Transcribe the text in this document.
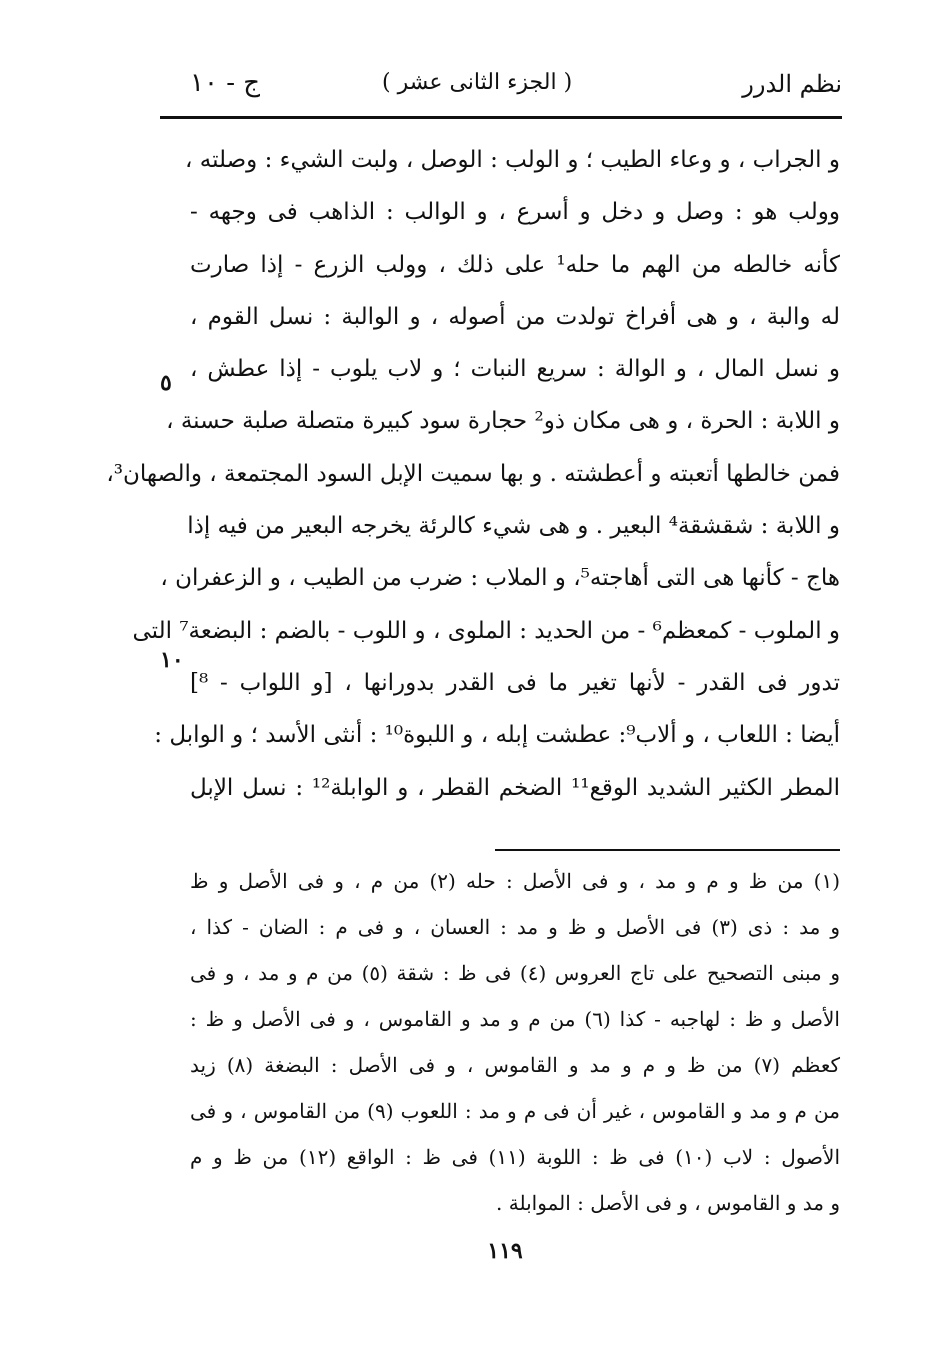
نظم الدرر
( الجزء الثانى عشر )
ج - ١٠
و الجراب ، و وعاء الطيب ؛ و الولب : الوصل ، ولبت الشيء : وصلته ،
وولب هو : وصل و دخل و أسرع ، و الوالب : الذاهب فى وجهه -
كأنه خالطه من الهم ما حله¹ على ذلك ، وولب الزرع - إذا صارت
له والبة ، و هى أفراخ تولدت من أصوله ، و الوالبة : نسل القوم ،
و نسل المال ، و الوالة : سريع النبات ؛ و لاب يلوب - إذا عطش ،
و اللابة : الحرة ، و هى مكان ذو² حجارة سود كبيرة متصلة صلبة حسنة ،
فمن خالطها أتعبته و أعطشته . و بها سميت الإبل السود المجتمعة ، والصهان³،
و اللابة : شقشقة⁴ البعير . و هى شيء كالرئة يخرجه البعير من فيه إذا
هاج - كأنها هى التى أهاجته⁵، و الملاب : ضرب من الطيب ، و الزعفران ،
و الملوب - كمعظم⁶ - من الحديد : الملوى ، و اللوب - بالضم : البضعة⁷ التى
تدور فى القدر - لأنها تغير ما فى القدر بدورانها ، [و اللواب - ⁸]
أيضا : اللعاب ، و ألاب⁹: عطشت إبله ، و اللبوة¹⁰ : أنثى الأسد ؛ و الوابل :
المطر الكثير الشديد الوقع¹¹ الضخم القطر ، و الوابلة¹² : نسل الإبل
٥
١٠
(١) من ظ و م و مد ، و فى الأصل : حله (٢) من م ، و فى الأصل و ظ
و مد : ذى (٣) فى الأصل و ظ و مد : العسان ، و فى م : الضان - كذا ،
و مبنى التصحيح على تاج العروس (٤) فى ظ : شقة (٥) من م و مد ، و فى
الأصل و ظ : لهاجبه - كذا (٦) من م و مد و القاموس ، و فى الأصل و ظ :
كعظم (٧) من ظ و م و مد و القاموس ، و فى الأصل : البضغة (٨) زيد
من م و مد و القاموس ، غير أن فى م و مد : اللعوب (٩) من القاموس ، و فى
الأصول : لاب (١٠) فى ظ : اللوبة (١١) فى ظ : الواقع (١٢) من ظ و م
و مد و القاموس ، و فى الأصل : الموابلة .
١١٩
